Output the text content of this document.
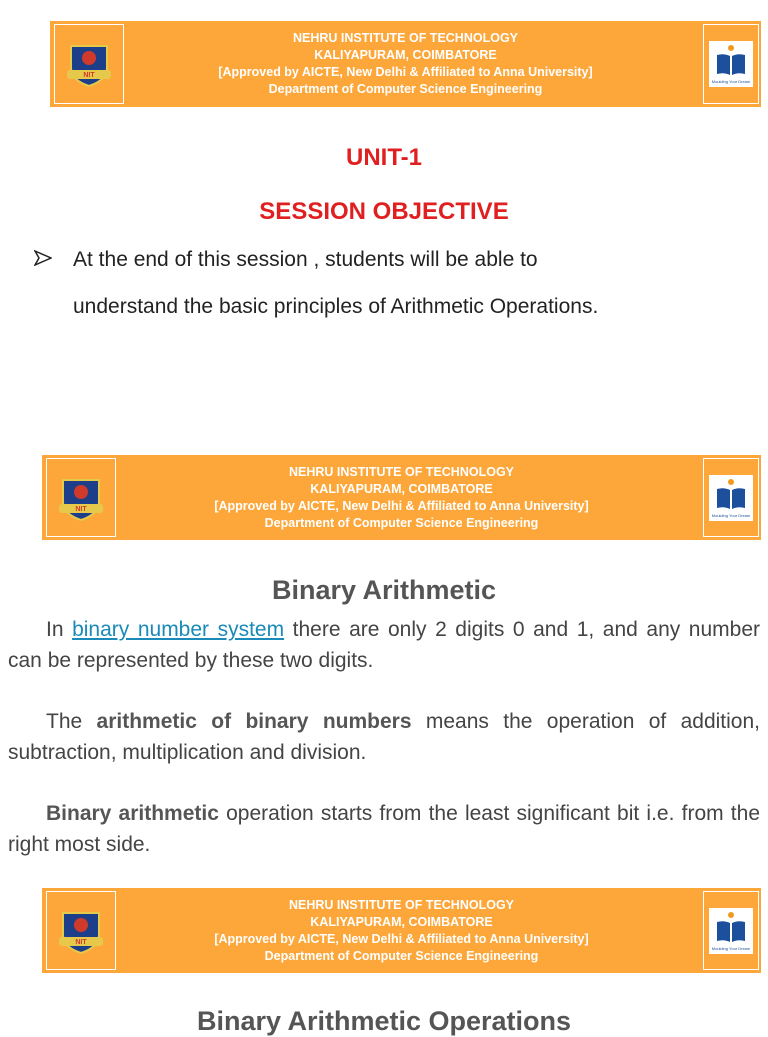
NIT
NEHRU INSTITUTE OF TECHNOLOGY
KALIYAPURAM, COIMBATORE
[Approved by AICTE, New Delhi & Affiliated to Anna University]
Department of Computer Science Engineering
Moulding Your Dream
UNIT-1
SESSION OBJECTIVE
At the end of this session , students will be able to
understand the basic principles of Arithmetic Operations.
NIT
NEHRU INSTITUTE OF TECHNOLOGY
KALIYAPURAM, COIMBATORE
[Approved by AICTE, New Delhi & Affiliated to Anna University]
Department of Computer Science Engineering
Moulding Your Dream
Binary Arithmetic
In binary number system there are only 2 digits 0 and 1, and any number can be represented by these two digits.
The arithmetic of binary numbers means the operation of addition, subtraction, multiplication and division.
Binary arithmetic operation starts from the least significant bit i.e. from the right most side.
NIT
NEHRU INSTITUTE OF TECHNOLOGY
KALIYAPURAM, COIMBATORE
[Approved by AICTE, New Delhi & Affiliated to Anna University]
Department of Computer Science Engineering
Moulding Your Dream
Binary Arithmetic Operations
